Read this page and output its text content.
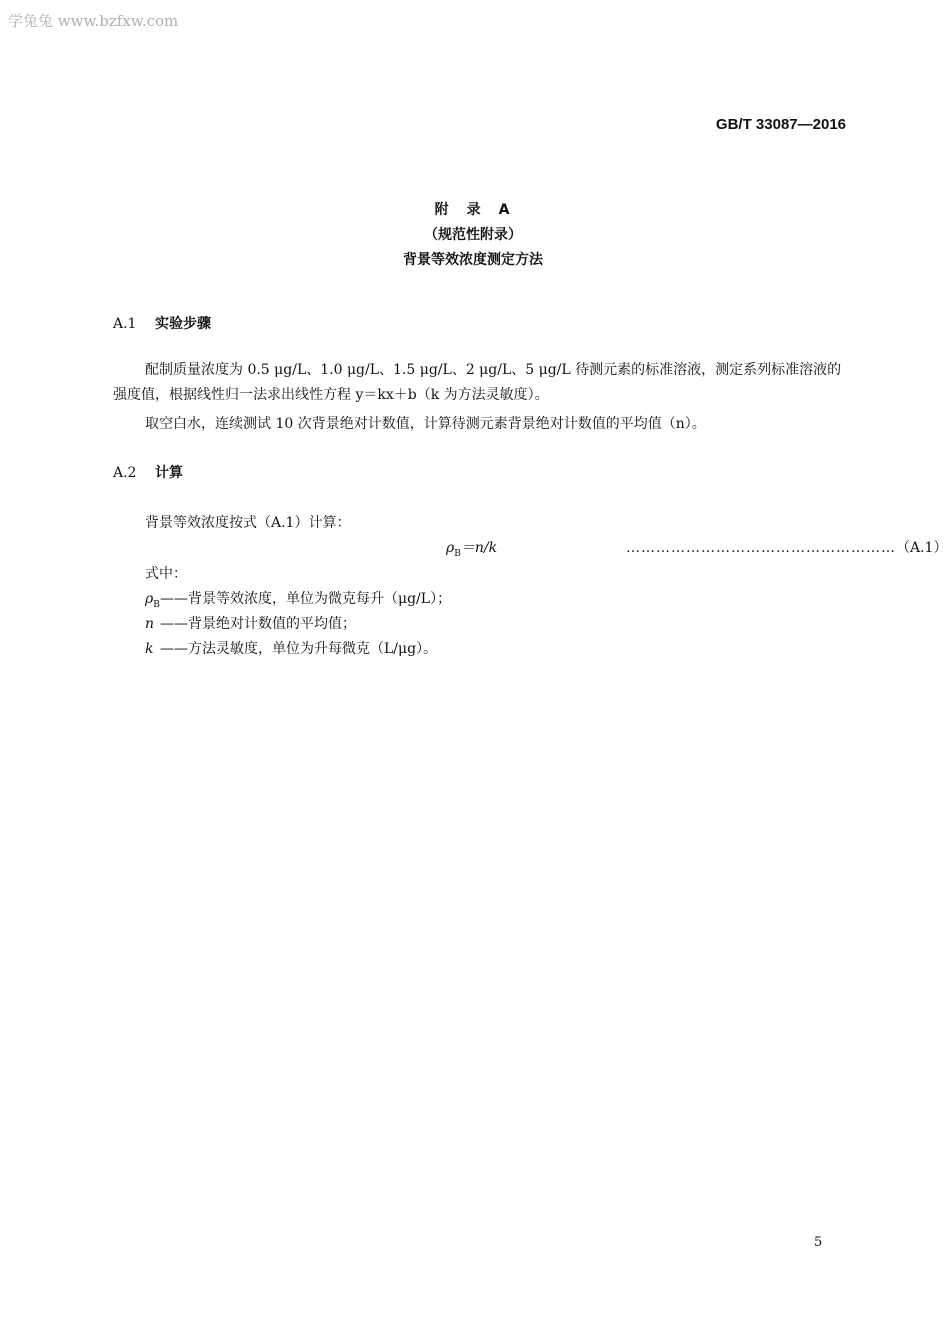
学兔兔 www.bzfxw.com
GB/T 33087—2016
附　录　A
（规范性附录）
背景等效浓度测定方法
A.1 实验步骤
配制质量浓度为 0.5 μg/L、1.0 μg/L、1.5 μg/L、2 μg/L、5 μg/L 待测元素的标准溶液，测定系列标准溶液的强度值，根据线性归一法求出线性方程 y＝kx＋b（k 为方法灵敏度）。
取空白水，连续测试 10 次背景绝对计数值，计算待测元素背景绝对计数值的平均值（n）。
A.2 计算
背景等效浓度按式（A.1）计算：
$\rho_B=n/k$	……………………………………………… （A.1）
式中：
$\rho_B——$背景等效浓度，单位为微克每升（μg/L）；
n ——背景绝对计数值的平均值；
k ——方法灵敏度，单位为升每微克（L/μg）。
5
